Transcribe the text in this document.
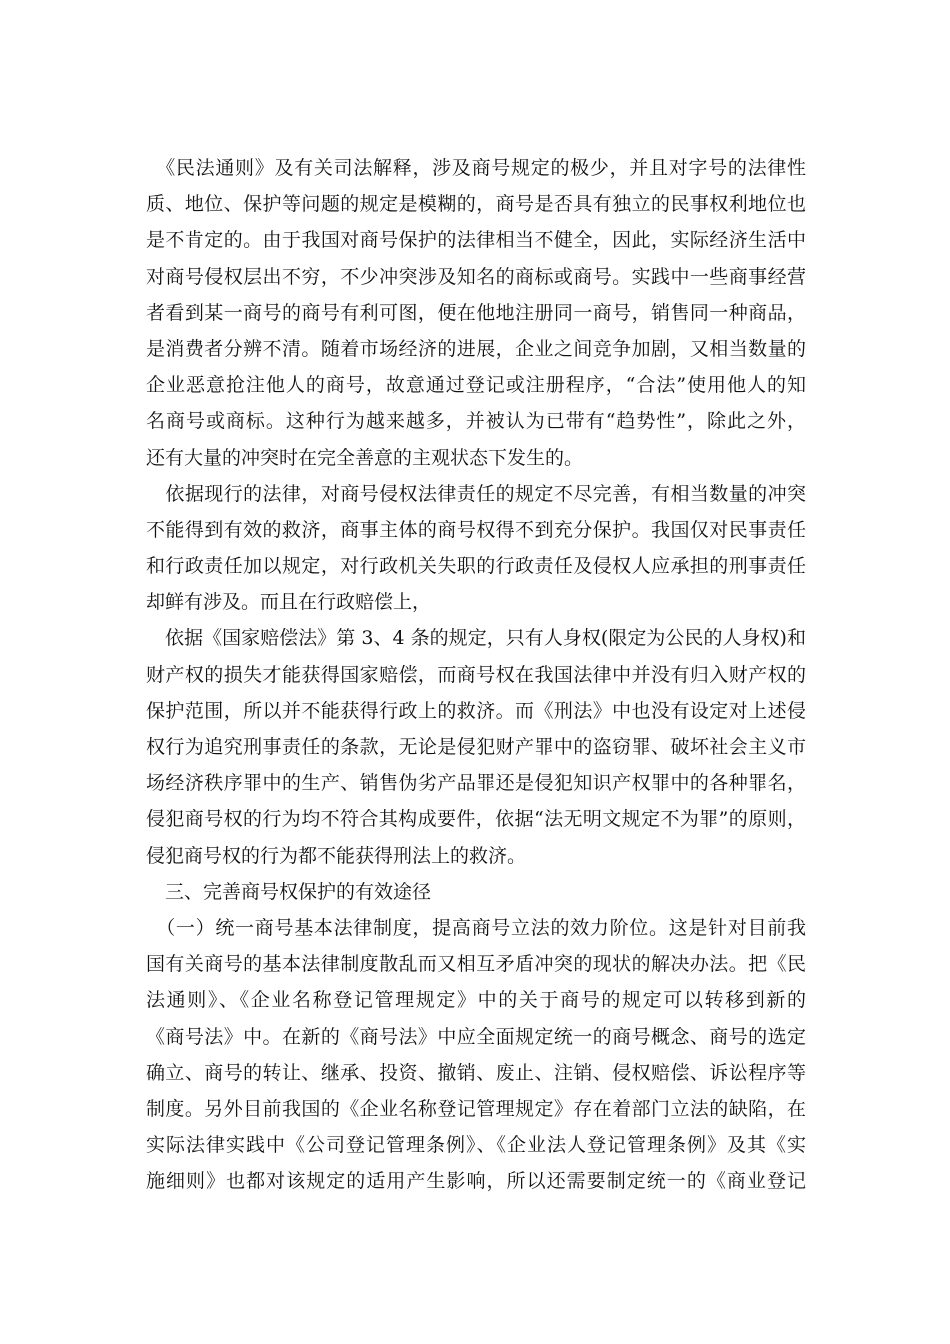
　《民法通则》及有关司法解释，涉及商号规定的极少，并且对字号的法律性
质、地位、保护等问题的规定是模糊的，商号是否具有独立的民事权利地位也
是不肯定的。由于我国对商号保护的法律相当不健全，因此，实际经济生活中
对商号侵权层出不穷，不少冲突涉及知名的商标或商号。实践中一些商事经营
者看到某一商号的商号有利可图，便在他地注册同一商号，销售同一种商品，
是消费者分辨不清。随着市场经济的进展，企业之间竞争加剧，又相当数量的
企业恶意抢注他人的商号，故意通过登记或注册程序，“合法”使用他人的知
名商号或商标。这种行为越来越多，并被认为已带有“趋势性”，除此之外，
还有大量的冲突时在完全善意的主观状态下发生的。
　依据现行的法律，对商号侵权法律责任的规定不尽完善，有相当数量的冲突
不能得到有效的救济，商事主体的商号权得不到充分保护。我国仅对民事责任
和行政责任加以规定，对行政机关失职的行政责任及侵权人应承担的刑事责任
却鲜有涉及。而且在行政赔偿上，
　依据《国家赔偿法》第 3、4 条的规定，只有人身权(限定为公民的人身权)和
财产权的损失才能获得国家赔偿，而商号权在我国法律中并没有归入财产权的
保护范围，所以并不能获得行政上的救济。而《刑法》中也没有设定对上述侵
权行为追究刑事责任的条款，无论是侵犯财产罪中的盗窃罪、破坏社会主义市
场经济秩序罪中的生产、销售伪劣产品罪还是侵犯知识产权罪中的各种罪名，
侵犯商号权的行为均不符合其构成要件，依据“法无明文规定不为罪”的原则，
侵犯商号权的行为都不能获得刑法上的救济。
　三、完善商号权保护的有效途径
　（一）统一商号基本法律制度，提高商号立法的效力阶位。这是针对目前我
国有关商号的基本法律制度散乱而又相互矛盾冲突的现状的解决办法。把《民
法通则》、《企业名称登记管理规定》中的关于商号的规定可以转移到新的
《商号法》中。在新的《商号法》中应全面规定统一的商号概念、商号的选定
确立、商号的转让、继承、投资、撤销、废止、注销、侵权赔偿、诉讼程序等
制度。另外目前我国的《企业名称登记管理规定》存在着部门立法的缺陷，在
实际法律实践中《公司登记管理条例》、《企业法人登记管理条例》及其《实
施细则》也都对该规定的适用产生影响，所以还需要制定统一的《商业登记
